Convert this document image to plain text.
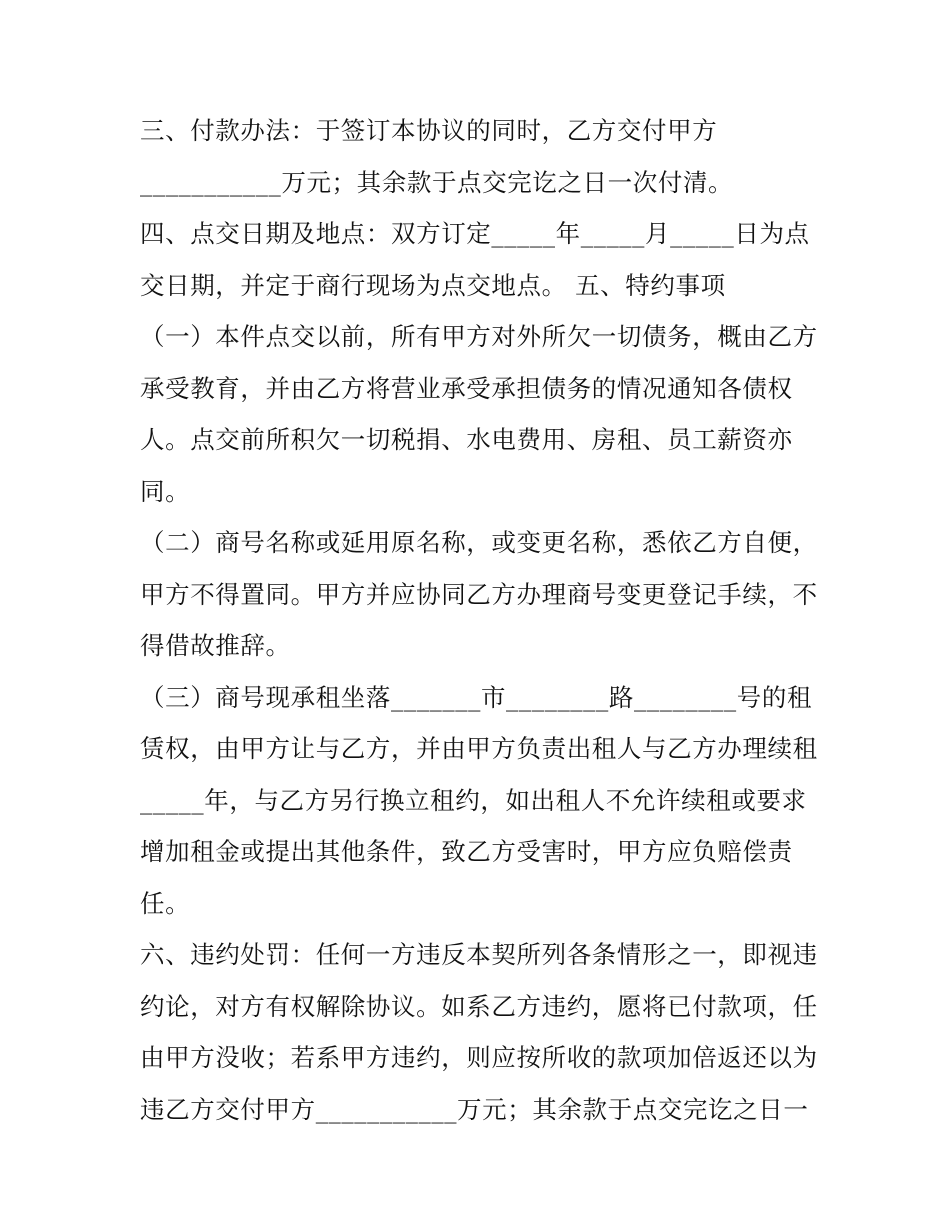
三、付款办法：于签订本协议的同时，乙方交付甲方
___________万元；其余款于点交完讫之日一次付清。
四、点交日期及地点：双方订定_____年_____月_____日为点
交日期，并定于商行现场为点交地点。 五、特约事项
（一）本件点交以前，所有甲方对外所欠一切债务，概由乙方
承受教育，并由乙方将营业承受承担债务的情况通知各债权
人。点交前所积欠一切税捐、水电费用、房租、员工薪资亦
同。
（二）商号名称或延用原名称，或变更名称，悉依乙方自便，
甲方不得置同。甲方并应协同乙方办理商号变更登记手续，不
得借故推辞。
（三）商号现承租坐落_______市________路________号的租
赁权，由甲方让与乙方，并由甲方负责出租人与乙方办理续租
_____年，与乙方另行换立租约，如出租人不允许续租或要求
增加租金或提出其他条件，致乙方受害时，甲方应负赔偿责
任。
六、违约处罚：任何一方违反本契所列各条情形之一，即视违
约论，对方有权解除协议。如系乙方违约，愿将已付款项，任
由甲方没收；若系甲方违约，则应按所收的款项加倍返还以为
违乙方交付甲方___________万元；其余款于点交完讫之日一
